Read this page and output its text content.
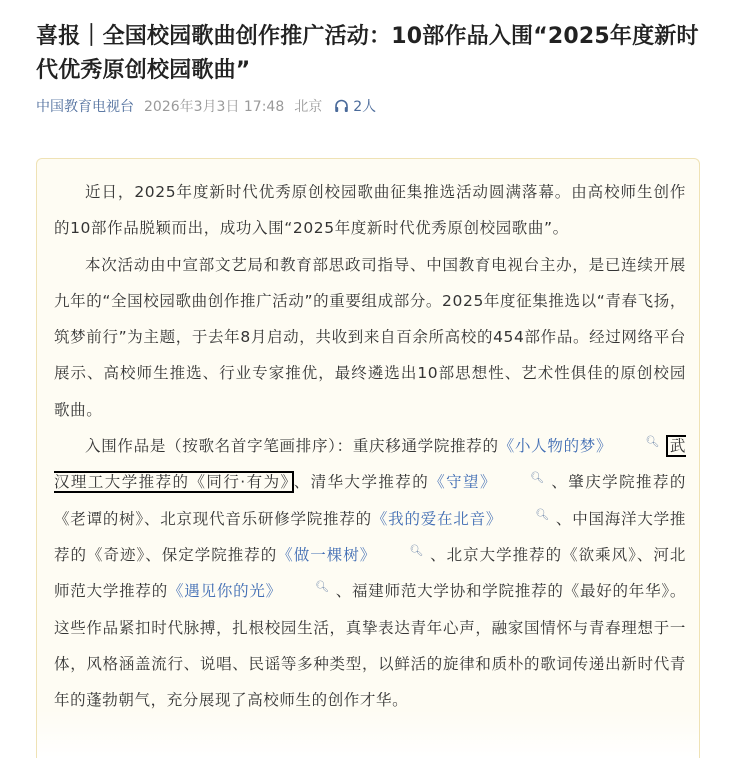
喜报｜全国校园歌曲创作推广活动：10部作品入围“2025年度新时代优秀原创校园歌曲”
中国教育电视台 2026年3月3日 17:48 北京 2人

近日，2025年度新时代优秀原创校园歌曲征集推选活动圆满落幕。由高校师生创作的10部作品脱颖而出，成功入围“2025年度新时代优秀原创校园歌曲”。

本次活动由中宣部文艺局和教育部思政司指导、中国教育电视台主办，是已连续开展九年的“全国校园歌曲创作推广活动”的重要组成部分。2025年度征集推选以“青春飞扬，筑梦前行”为主题，于去年8月启动，共收到来自百余所高校的454部作品。经过网络平台展示、高校师生推选、行业专家推优，最终遴选出10部思想性、艺术性俱佳的原创校园歌曲。

入围作品是（按歌名首字笔画排序）：重庆移通学院推荐的《小人物的梦》	🔍︎ 武汉理工大学推荐的《同行·有为》 、清华大学推荐的《守望》	🔍︎ 、肇庆学院推荐的《老谭的树》、北京现代音乐研修学院推荐的《我的爱在北音》	🔍︎ 、中国海洋大学推荐的《奇迹》、保定学院推荐的《做一棵树》	🔍︎ 、北京大学推荐的《欲乘风》、河北师范大学推荐的《遇见你的光》	🔍︎ 、福建师范大学协和学院推荐的《最好的年华》。这些作品紧扣时代脉搏，扎根校园生活，真挚表达青年心声，融家国情怀与青春理想于一体，风格涵盖流行、说唱、民谣等多种类型，以鲜活的旋律和质朴的歌词传递出新时代青年的蓬勃朝气，充分展现了高校师生的创作才华。
